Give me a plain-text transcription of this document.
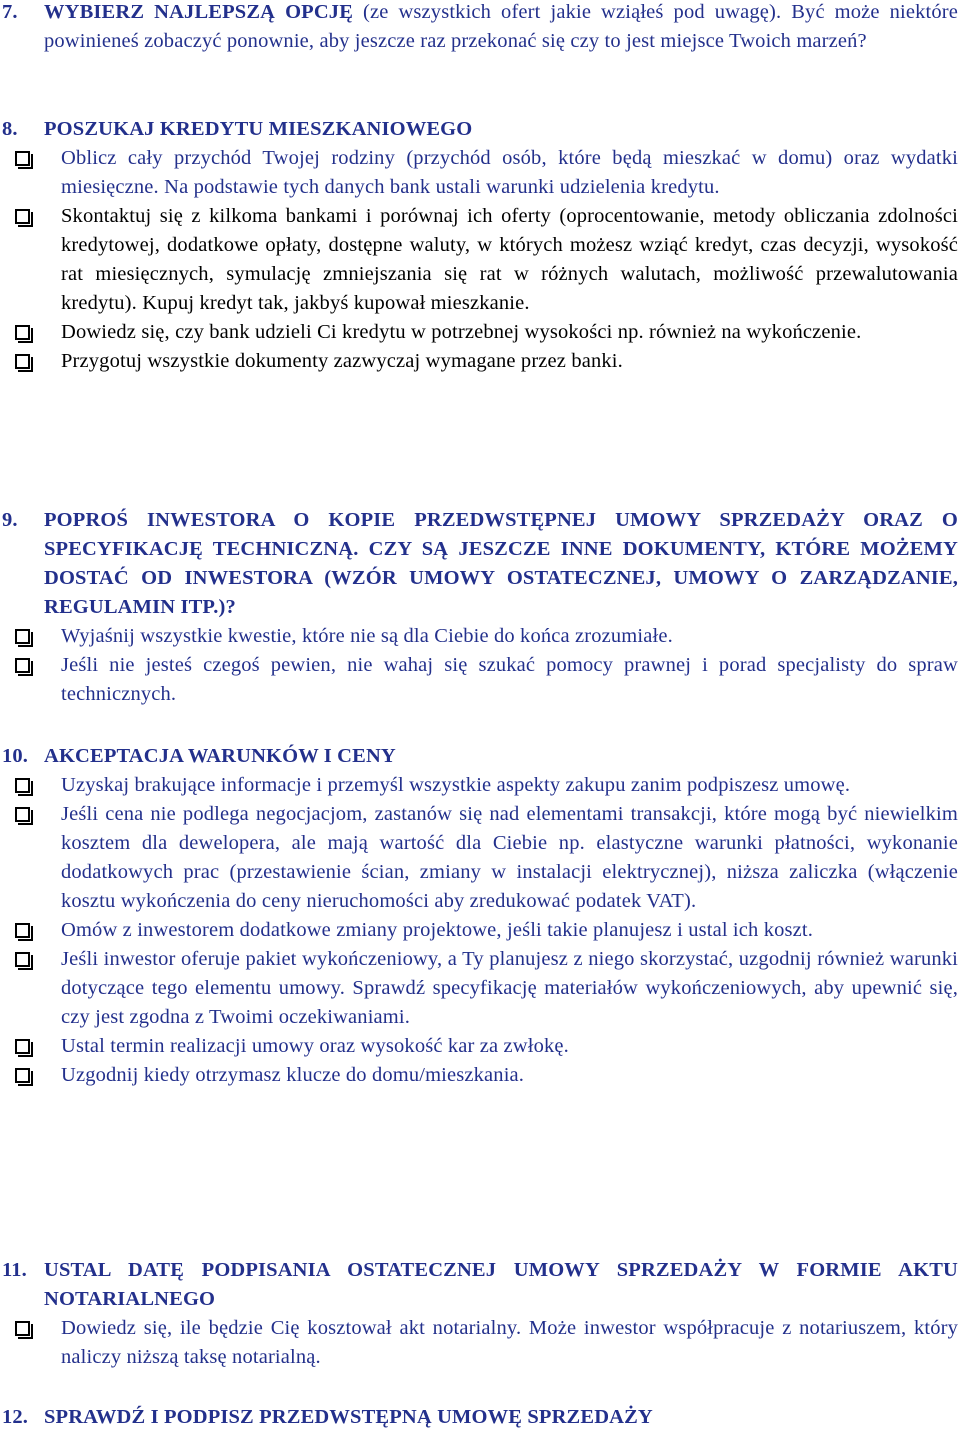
7. WYBIERZ NAJLEPSZĄ OPCJĘ (ze wszystkich ofert jakie wziąłeś pod uwagę). Być może niektóre powinieneś zobaczyć ponownie, aby jeszcze raz przekonać się czy to jest miejsce Twoich marzeń?
8. POSZUKAJ KREDYTU MIESZKANIOWEGO
Oblicz cały przychód Twojej rodziny (przychód osób, które będą mieszkać w domu) oraz wydatki miesięczne. Na podstawie tych danych bank ustali warunki udzielenia kredytu.
Skontaktuj się z kilkoma bankami i porównaj ich oferty (oprocentowanie, metody obliczania zdolności kredytowej, dodatkowe opłaty, dostępne waluty, w których możesz wziąć kredyt, czas decyzji, wysokość rat miesięcznych, symulację zmniejszania się rat w różnych walutach, możliwość przewalutowania kredytu). Kupuj kredyt tak, jakbyś kupował mieszkanie.
Dowiedz się, czy bank udzieli Ci kredytu w potrzebnej wysokości np. również na wykończenie.
Przygotuj wszystkie dokumenty zazwyczaj wymagane przez banki.
9. POPROŚ INWESTORA O KOPIE PRZEDWSTĘPNEJ UMOWY SPRZEDAŻY ORAZ O SPECYFIKACJĘ TECHNICZNĄ. CZY SĄ JESZCZE INNE DOKUMENTY, KTÓRE MOŻEMY DOSTAĆ OD INWESTORA (WZÓR UMOWY OSTATECZNEJ, UMOWY O ZARZĄDZANIE, REGULAMIN ITP.)?
Wyjaśnij wszystkie kwestie, które nie są dla Ciebie do końca zrozumiałe.
Jeśli nie jesteś czegoś pewien, nie wahaj się szukać pomocy prawnej i porad specjalisty do spraw technicznych.
10. AKCEPTACJA WARUNKÓW I CENY
Uzyskaj brakujące informacje i przemyśl wszystkie aspekty zakupu zanim podpiszesz umowę.
Jeśli cena nie podlega negocjacjom, zastanów się nad elementami transakcji, które mogą być niewielkim kosztem dla dewelopera, ale mają wartość dla Ciebie np. elastyczne warunki płatności, wykonanie dodatkowych prac (przestawienie ścian, zmiany w instalacji elektrycznej), niższa zaliczka (włączenie kosztu wykończenia do ceny nieruchomości aby zredukować podatek VAT).
Omów z inwestorem dodatkowe zmiany projektowe, jeśli takie planujesz i ustal ich koszt.
Jeśli inwestor oferuje pakiet wykończeniowy, a Ty planujesz z niego skorzystać, uzgodnij również warunki dotyczące tego elementu umowy. Sprawdź specyfikację materiałów wykończeniowych, aby upewnić się, czy jest zgodna z Twoimi oczekiwaniami.
Ustal termin realizacji umowy oraz wysokość kar za zwłokę.
Uzgodnij kiedy otrzymasz klucze do domu/mieszkania.
11. USTAL DATĘ PODPISANIA OSTATECZNEJ UMOWY SPRZEDAŻY W FORMIE AKTU NOTARIALNEGO
Dowiedz się, ile będzie Cię kosztował akt notarialny. Może inwestor współpracuje z notariuszem, który naliczy niższą taksę notarialną.
12. SPRAWDŹ I PODPISZ PRZEDWSTĘPNĄ UMOWĘ SPRZEDAŻY
